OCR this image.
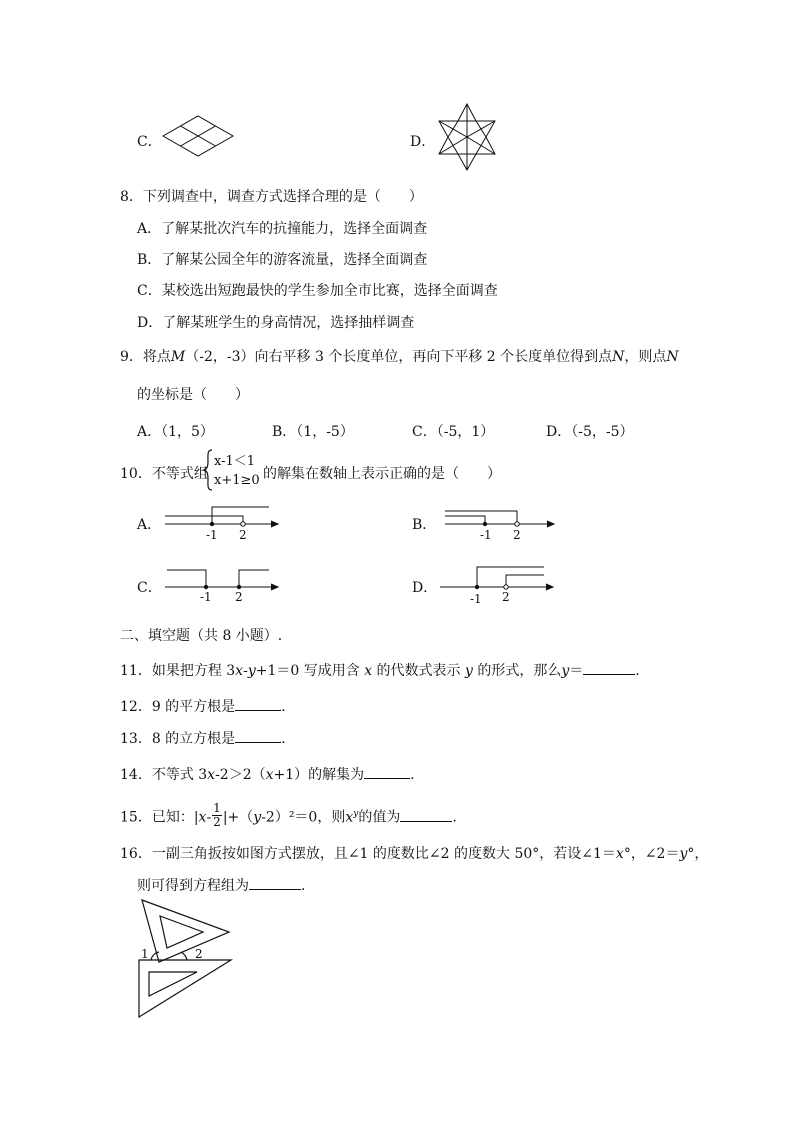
C．	D．
8．下列调查中，调查方式选择合理的是（　　）
A．了解某批次汽车的抗撞能力，选择全面调查
B．了解某公园全年的游客流量，选择全面调查
C．某校选出短跑最快的学生参加全市比赛，选择全面调查
D．了解某班学生的身高情况，选择抽样调查
9．将点M（-2，-3）向右平移 3 个长度单位，再向下平移 2 个长度单位得到点N，则点N
的坐标是（　　）
A．（1，5）	B．（1，-5）	C．（-5，1）	D．（-5，-5）
10．不等式组
x-1＜1
x+1≥0 的解集在数轴上表示正确的是（　　）
A．
-1 2
B．
-1 2
C．
-1 2
D．
-1 2
二、填空题（共 8 小题）.
11．如果把方程 3x-y+1＝0 写成用含 x 的代数式表示 y 的形式，那么y＝	.
12．9 的平方根是	.
13．8 的立方根是	.
14．不等式 3x-2＞2（x+1）的解集为	.
15．已知：$|x- \frac{1}{2} |+(y-2)^2=0$，则$x^y$的值为	.
16．一副三角扳按如图方式摆放，且∠1 的度数比∠2 的度数大 50°，若设∠1＝x°，∠2＝y°，
则可得到方程组为	.
1	2
